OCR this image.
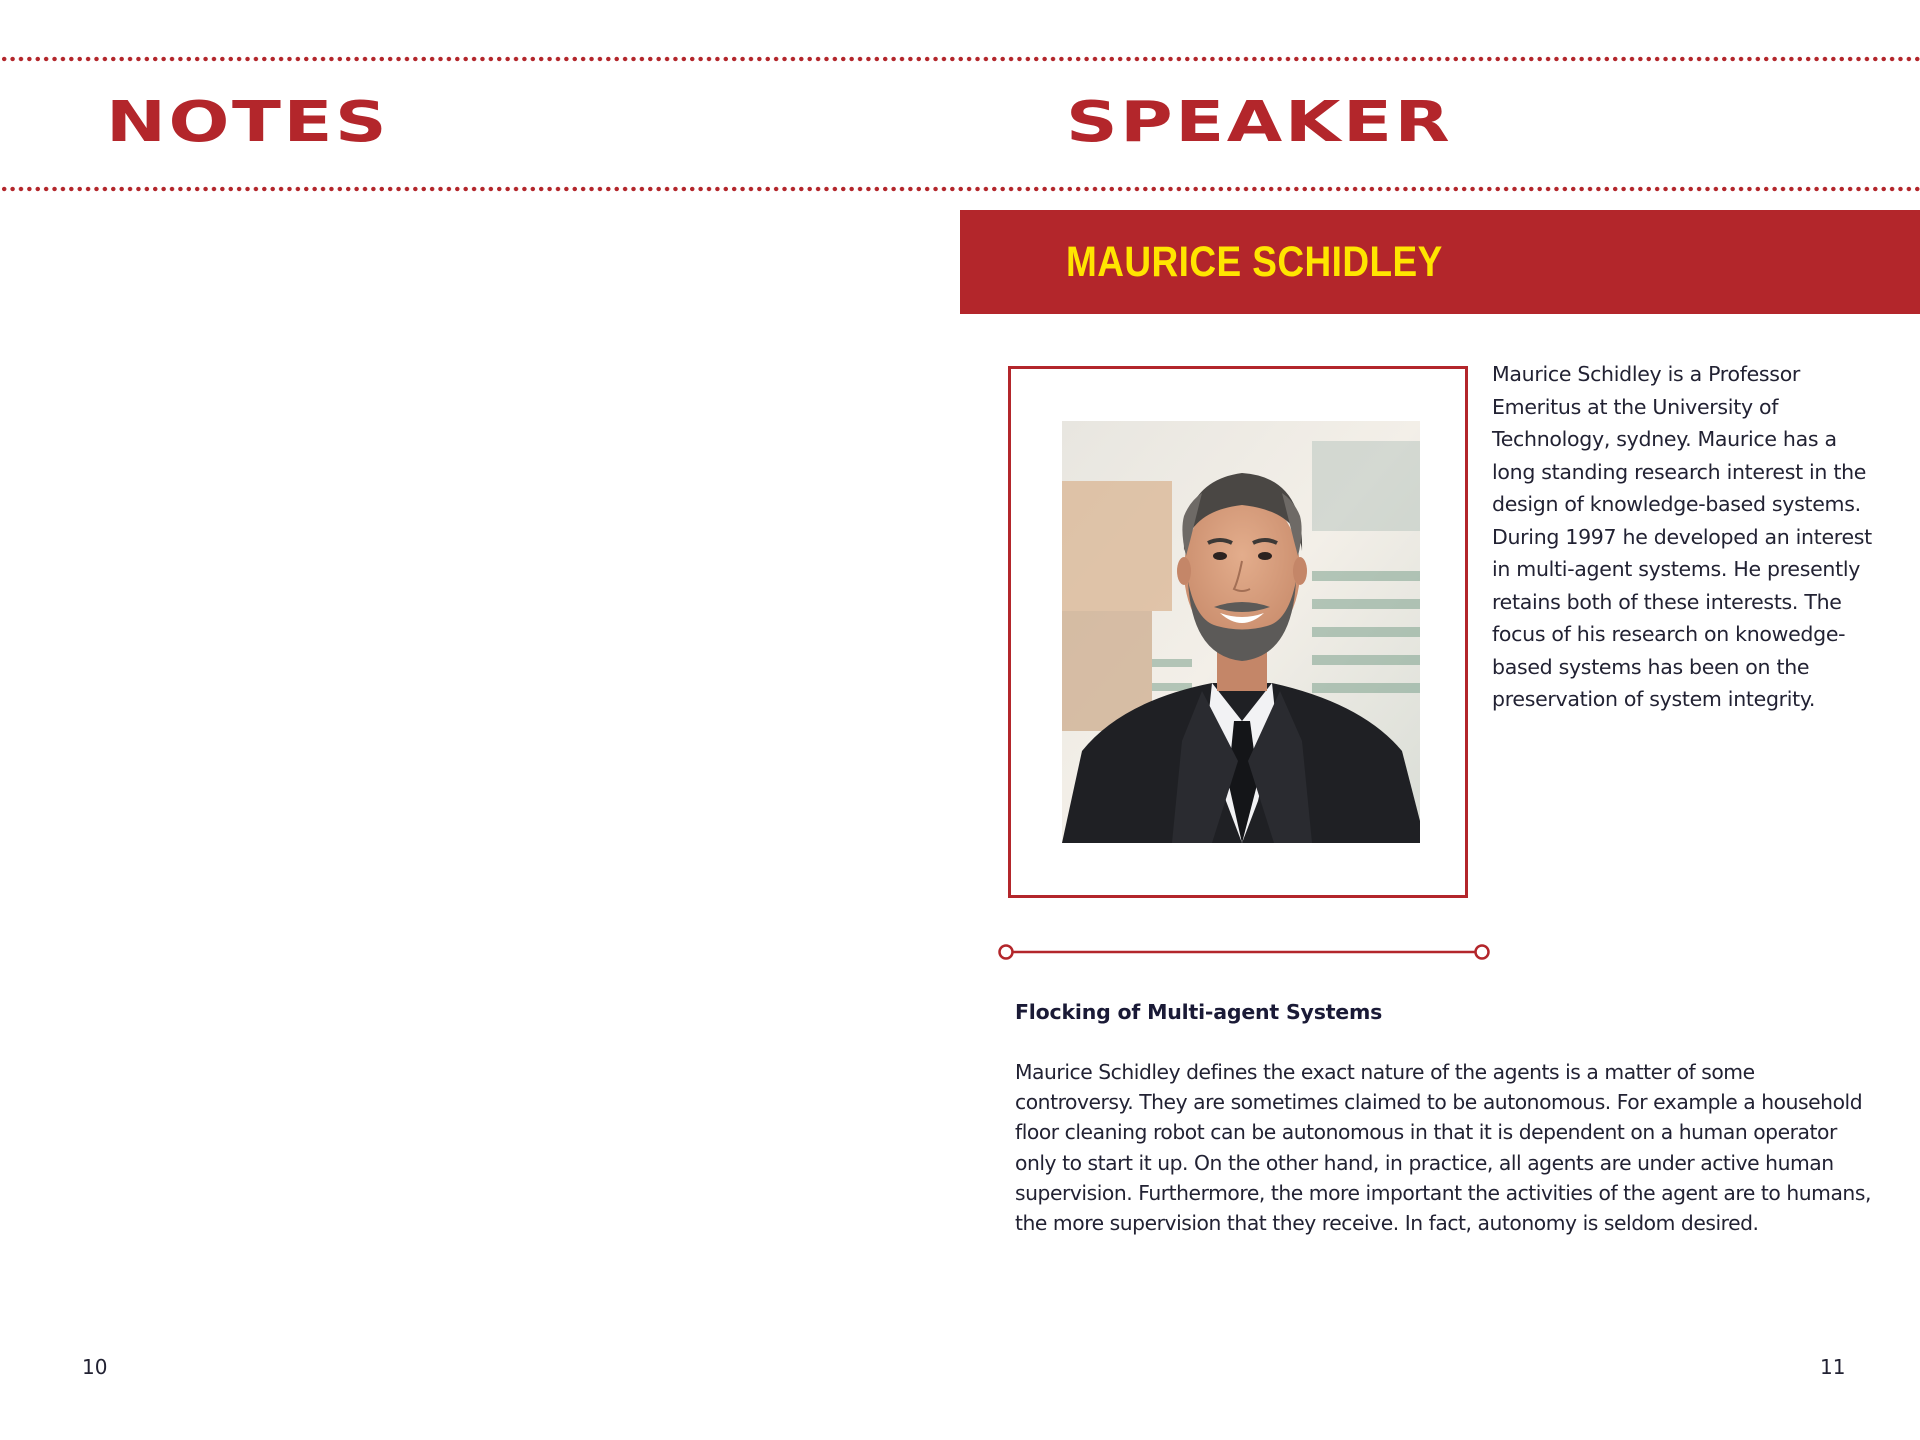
NOTES	SPEAKER
MAURICE SCHIDLEY

Maurice Schidley is a Professor Emeritus at the University of Technology, sydney. Maurice has a long standing research interest in the design of knowledge-based systems. During 1997 he developed an interest in multi-agent systems. He presently retains both of these interests. The focus of his research on knowedge-based systems has been on the preservation of system integrity.

Flocking of Multi-agent Systems

Maurice Schidley defines the exact nature of the agents is a matter of some controversy. They are sometimes claimed to be autonomous. For example a household floor cleaning robot can be autonomous in that it is dependent on a human operator only to start it up. On the other hand, in practice, all agents are under active human supervision. Furthermore, the more important the activities of the agent are to humans, the more supervision that they receive. In fact, autonomy is seldom desired.

10	11
